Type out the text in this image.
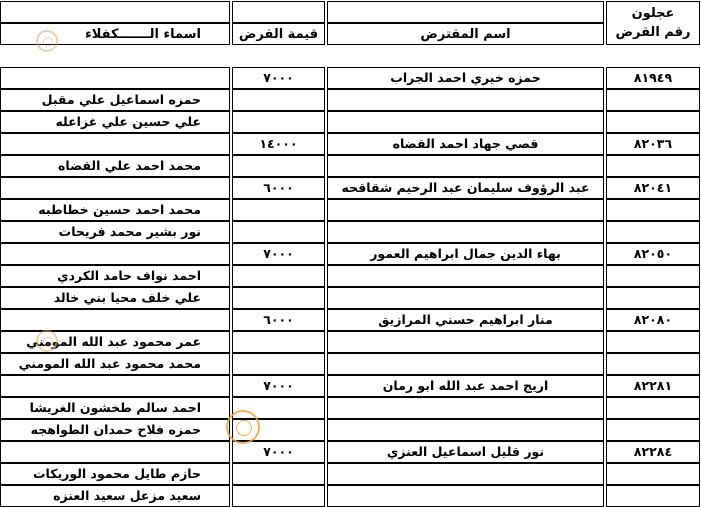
عجلون
رقم القرض
اسم المقترض
قيمة القرض
اسماء الـــــــكفلاء
٨١٩٤٩
حمزه خيري احمد الجراب
٧٠٠٠
حمزه اسماعيل علي مقبل
علي حسين علي غزاعله
٨٢٠٣٦
قصي جهاد احمد القضاه
١٤٠٠٠
محمد احمد علي القضاه
٨٢٠٤١
عبد الرؤوف سليمان عبد الرحيم شقاقحه
٦٠٠٠
محمد احمد حسين خطاطبه
نور بشير محمد فريحات
٨٢٠٥٠
بهاء الدين جمال ابراهيم العمور
٧٠٠٠
احمد نواف حامد الكردي
علي خلف محيا بني خالد
٨٢٠٨٠
منار ابراهيم حسني المرازيق
٦٠٠٠
عمر محمود عبد الله المومني
محمد محمود عبد الله المومني
٨٢٢٨١
اريج احمد عبد الله ابو رمان
٧٠٠٠
احمد سالم طخشون الغريشا
حمزه فلاح حمدان الطواهجه
٨٢٢٨٤
نور قليل اسماعيل العنزي
٧٠٠٠
حازم طايل محمود الوريكات
سعيد مزعل سعيد العنزه
